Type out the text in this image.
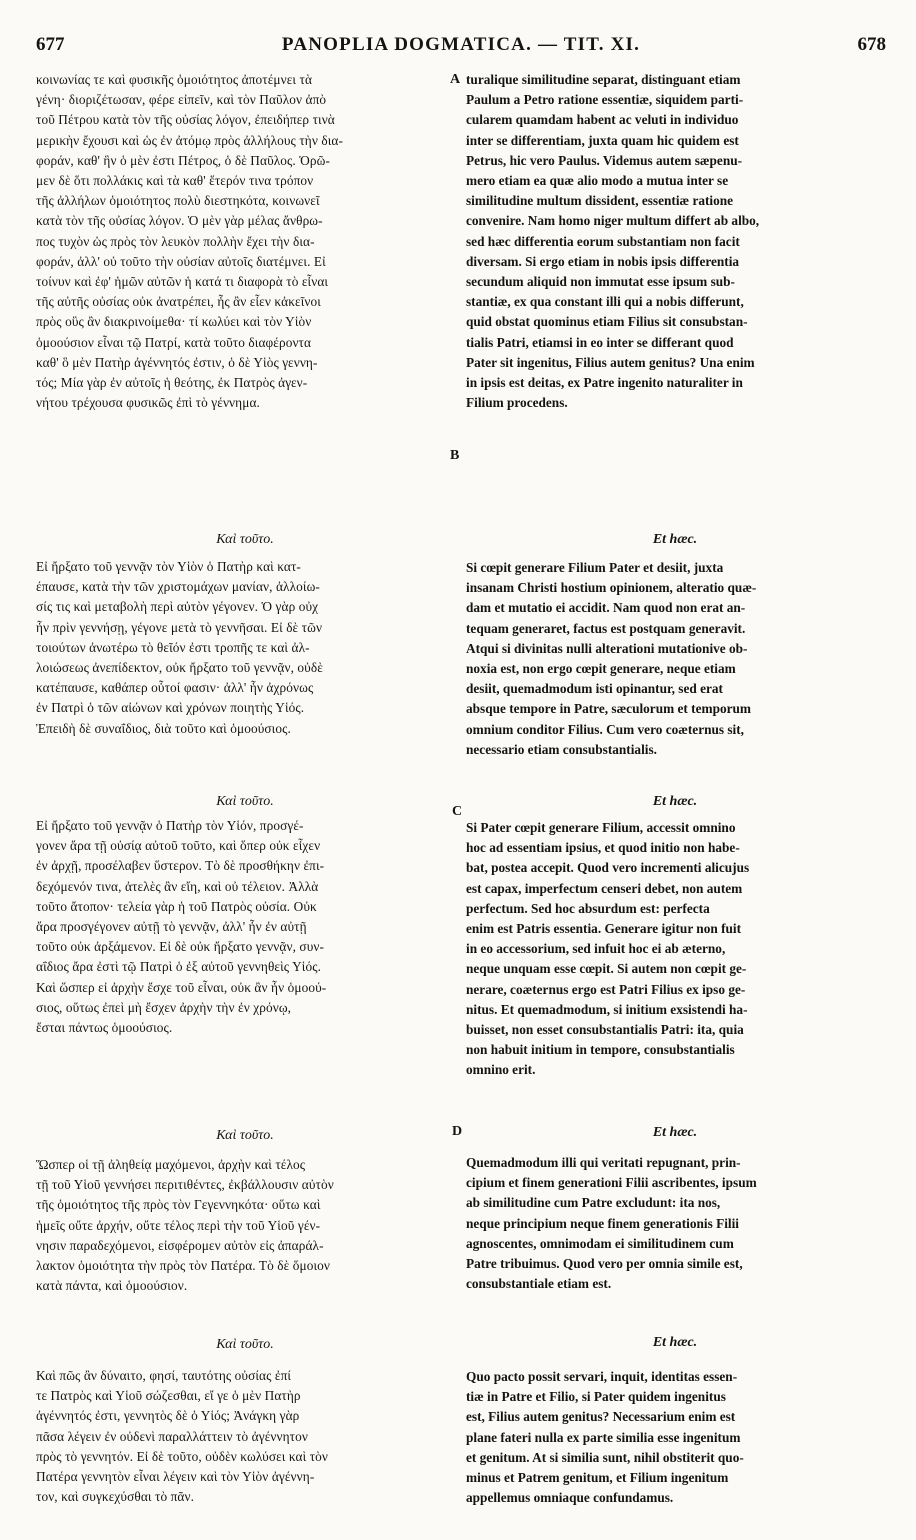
677	PANOPLIA DOGMATICA. — TIT. XI.	678
κοινωνίας τε καὶ φυσικῆς ὁμοιότητος ἀποτέμνει τὰ
γένη· διοριζέτωσαν, φέρε εἰπεῖν, καὶ τὸν Παῦλον ἀπὸ
τοῦ Πέτρου κατὰ τὸν τῆς οὐσίας λόγον, ἐπειδήπερ τινὰ
μερικὴν ἔχουσι καὶ ὡς ἐν ἀτόμῳ πρὸς ἀλλήλους τὴν δια-
φοράν, καθ' ἣν ὁ μὲν ἐστι Πέτρος, ὁ δὲ Παῦλος. Ὁρῶ-
μεν δὲ ὅτι πολλάκις καὶ τὰ καθ' ἕτερόν τινα τρόπον
τῆς ἀλλήλων ὁμοιότητος πολὺ διεστηκότα, κοινωνεῖ
κατὰ τὸν τῆς οὐσίας λόγον. Ὁ μὲν γὰρ μέλας ἄνθρω-
πος τυχὸν ὡς πρὸς τὸν λευκὸν πολλὴν ἔχει τὴν δια-
φοράν, ἀλλ' οὐ τοῦτο τὴν οὐσίαν αὐτοῖς διατέμνει. Εἰ
τοίνυν καὶ ἐφ' ἡμῶν αὐτῶν ἡ κατά τι διαφορὰ τὸ εἶναι
τῆς αὐτῆς οὐσίας οὐκ ἀνατρέπει, ἧς ἂν εἶεν κἀκεῖνοι
πρὸς οὓς ἂν διακρινοίμεθα· τί κωλύει καὶ τὸν Υἱὸν
ὁμοούσιον εἶναι τῷ Πατρί, κατὰ τοῦτο διαφέροντα
καθ' ὃ μὲν Πατὴρ ἀγέννητός ἐστιν, ὁ δὲ Υἱὸς γεννη-
τός; Μία γὰρ ἐν αὐτοῖς ἡ θεότης, ἐκ Πατρὸς ἀγεν-
νήτου τρέχουσα φυσικῶς ἐπὶ τὸ γέννημα.
Καὶ τοῦτο.
Εἰ ἤρξατο τοῦ γεννᾷν τὸν Υἱὸν ὁ Πατὴρ καὶ κατ-
έπαυσε, κατὰ τὴν τῶν χριστομάχων μανίαν, ἀλλοίω-
σίς τις καὶ μεταβολὴ περὶ αὐτὸν γέγονεν. Ὁ γὰρ οὐχ
ἦν πρὶν γεννήσῃ, γέγονε μετὰ τὸ γεννῆσαι. Εἰ δὲ τῶν
τοιούτων ἀνωτέρω τὸ θεῖόν ἐστι τροπῆς τε καὶ ἀλ-
λοιώσεως ἀνεπίδεκτον, οὐκ ἤρξατο τοῦ γεννᾷν, οὐδὲ
κατέπαυσε, καθάπερ οὗτοί φασιν· ἀλλ' ἦν ἀχρόνως
ἐν Πατρὶ ὁ τῶν αἰώνων καὶ χρόνων ποιητὴς Υἱός.
Ἐπειδὴ δὲ συναΐδιος, διὰ τοῦτο καὶ ὁμοούσιος.
Καὶ τοῦτο.
Εἰ ἤρξατο τοῦ γεννᾷν ὁ Πατὴρ τὸν Υἱόν, προσγέ-
γονεν ἄρα τῇ οὐσίᾳ αὐτοῦ τοῦτο, καὶ ὅπερ οὐκ εἶχεν
ἐν ἀρχῇ, προσέλαβεν ὕστερον. Τὸ δὲ προσθήκην ἐπι-
δεχόμενόν τινα, ἀτελὲς ἂν εἴη, καὶ οὐ τέλειον. Ἀλλὰ
τοῦτο ἄτοπον· τελεία γὰρ ἡ τοῦ Πατρὸς οὐσία. Οὐκ
ἄρα προσγέγονεν αὐτῇ τὸ γεννᾷν, ἀλλ' ἦν ἐν αὐτῇ
τοῦτο οὐκ ἀρξάμενον. Εἰ δὲ οὐκ ἤρξατο γεννᾷν, συν-
αΐδιος ἄρα ἐστὶ τῷ Πατρὶ ὁ ἐξ αὐτοῦ γεννηθεὶς Υἱός.
Καὶ ὥσπερ εἰ ἀρχὴν ἔσχε τοῦ εἶναι, οὐκ ἂν ἦν ὁμοού-
σιος, οὕτως ἐπεὶ μὴ ἔσχεν ἀρχὴν τὴν ἐν χρόνῳ,
ἔσται πάντως ὁμοούσιος.
Καὶ τοῦτο.
Ὥσπερ οἱ τῇ ἀληθείᾳ μαχόμενοι, ἀρχὴν καὶ τέλος
τῇ τοῦ Υἱοῦ γεννήσει περιτιθέντες, ἐκβάλλουσιν αὐτὸν
τῆς ὁμοιότητος τῆς πρὸς τὸν Γεγεννηκότα· οὕτω καὶ
ἡμεῖς οὔτε ἀρχήν, οὔτε τέλος περὶ τὴν τοῦ Υἱοῦ γέν-
νησιν παραδεχόμενοι, εἰσφέρομεν αὐτὸν εἰς ἀπαράλ-
λακτον ὁμοιότητα τὴν πρὸς τὸν Πατέρα. Τὸ δὲ ὅμοιον
κατὰ πάντα, καὶ ὁμοούσιον.
Καὶ τοῦτο.
Καὶ πῶς ἂν δύναιτο, φησί, ταυτότης οὐσίας ἐπί
τε Πατρὸς καὶ Υἱοῦ σώζεσθαι, εἴ γε ὁ μὲν Πατὴρ
ἀγέννητός ἐστι, γεννητὸς δὲ ὁ Υἱός; Ἀνάγκη γὰρ
πᾶσα λέγειν ἐν οὐδενὶ παραλλάττειν τὸ ἀγέννητον
πρὸς τὸ γεννητόν. Εἰ δὲ τοῦτο, οὐδὲν κωλύσει καὶ τὸν
Πατέρα γεννητὸν εἶναι λέγειν καὶ τὸν Υἱὸν ἀγέννη-
τον, καὶ συγκεχύσθαι τὸ πᾶν.
turalique similitudine separat, distinguant etiam
Paulum a Petro ratione essentiæ, siquidem parti-
cularem quamdam habent ac veluti in individuo
inter se differentiam, juxta quam hic quidem est
Petrus, hic vero Paulus. Videmus autem sæpenu-
mero etiam ea quæ alio modo a mutua inter se
similitudine multum dissident, essentiæ ratione
convenire. Nam homo niger multum differt ab albo,
sed hæc differentia eorum substantiam non facit
diversam. Si ergo etiam in nobis ipsis differentia
secundum aliquid non immutat esse ipsum sub-
stantiæ, ex qua constant illi qui a nobis differunt,
quid obstat quominus etiam Filius sit consubstan-
tialis Patri, etiamsi in eo inter se differant quod
Pater sit ingenitus, Filius autem genitus? Una enim
in ipsis est deitas, ex Patre ingenito naturaliter in
Filium procedens.
Et hæc.
Si cœpit generare Filium Pater et desiit, juxta
insanam Christi hostium opinionem, alteratio quæ-
dam et mutatio ei accidit. Nam quod non erat an-
tequam generaret, factus est postquam generavit.
Atqui si divinitas nulli alterationi mutationive ob-
noxia est, non ergo cœpit generare, neque etiam
desiit, quemadmodum isti opinantur, sed erat
absque tempore in Patre, sæculorum et temporum
omnium conditor Filius. Cum vero coæternus sit,
necessario etiam consubstantialis.
Et hæc.
Si Pater cœpit generare Filium, accessit omnino
hoc ad essentiam ipsius, et quod initio non habe-
bat, postea accepit. Quod vero incrementi alicujus
est capax, imperfectum censeri debet, non autem
perfectum. Sed hoc absurdum est: perfecta
enim est Patris essentia. Generare igitur non fuit
in eo accessorium, sed infuit hoc ei ab æterno,
neque unquam esse cœpit. Si autem non cœpit ge-
nerare, coæternus ergo est Patri Filius ex ipso ge-
nitus. Et quemadmodum, si initium exsistendi ha-
buisset, non esset consubstantialis Patri: ita, quia
non habuit initium in tempore, consubstantialis
omnino erit.
Et hæc.
Quemadmodum illi qui veritati repugnant, prin-
cipium et finem generationi Filii ascribentes, ipsum
ab similitudine cum Patre excludunt: ita nos,
neque principium neque finem generationis Filii
agnoscentes, omnimodam ei similitudinem cum
Patre tribuimus. Quod vero per omnia simile est,
consubstantiale etiam est.
Et hæc.
Quo pacto possit servari, inquit, identitas essen-
tiæ in Patre et Filio, si Pater quidem ingenitus
est, Filius autem genitus? Necessarium enim est
plane fateri nulla ex parte similia esse ingenitum
et genitum. At si similia sunt, nihil obstiterit quo-
minus et Patrem genitum, et Filium ingenitum
appellemus omniaque confundamus.
A
B
C
D
